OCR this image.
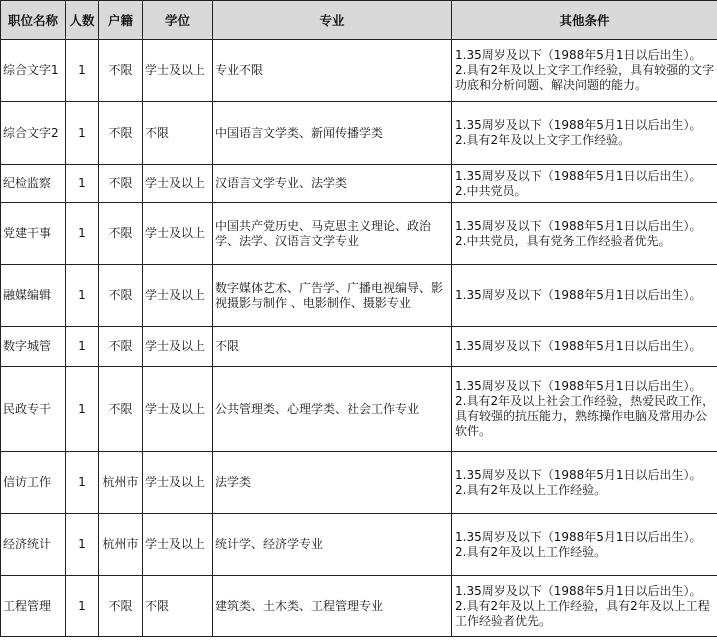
职位名称	人数	户籍	学位	专业	其他条件
综合文字1	1	不限	学士及以上	专业不限	1.35周岁及以下（1988年5月1日以后出生）。
2.具有2年及以上文字工作经验，具有较强的文字功底和分析问题、解决问题的能力。

综合文字2	1	不限	不限	中国语言文学类、新闻传播学类	1.35周岁及以下（1988年5月1日以后出生）。
2.具有2年及以上文字工作经验。

纪检监察	1	不限	学士及以上	汉语言文学专业、法学类	1.35周岁及以下（1988年5月1日以后出生）。
2.中共党员。

党建干事	1	不限	学士及以上	中国共产党历史、马克思主义理论、政治学、法学、汉语言文学专业	1.35周岁及以下（1988年5月1日以后出生）。
2.中共党员，具有党务工作经验者优先。

融媒编辑	1	不限	学士及以上	数字媒体艺术、广告学、广播电视编导、影视摄影与制作 、电影制作、摄影专业	1.35周岁及以下（1988年5月1日以后出生）。

数字城管	1	不限	学士及以上	不限	1.35周岁及以下（1988年5月1日以后出生）。

民政专干	1	不限	学士及以上	公共管理类、心理学类、社会工作专业	1.35周岁及以下（1988年5月1日以后出生）。
2.具有2年及以上社会工作经验，热爱民政工作，具有较强的抗压能力，熟练操作电脑及常用办公软件。

信访工作	1	杭州市	学士及以上	法学类	1.35周岁及以下（1988年5月1日以后出生）。
2.具有2年及以上工作经验。

经济统计	1	杭州市	学士及以上	统计学、经济学专业	1.35周岁及以下（1988年5月1日以后出生）。
2.具有2年及以上工作经验。

工程管理	1	不限	不限	建筑类、土木类、工程管理专业	1.35周岁及以下（1988年5月1日以后出生）。
2.具有2年及以上工作经验，具有2年及以上工程工作经验者优先。
